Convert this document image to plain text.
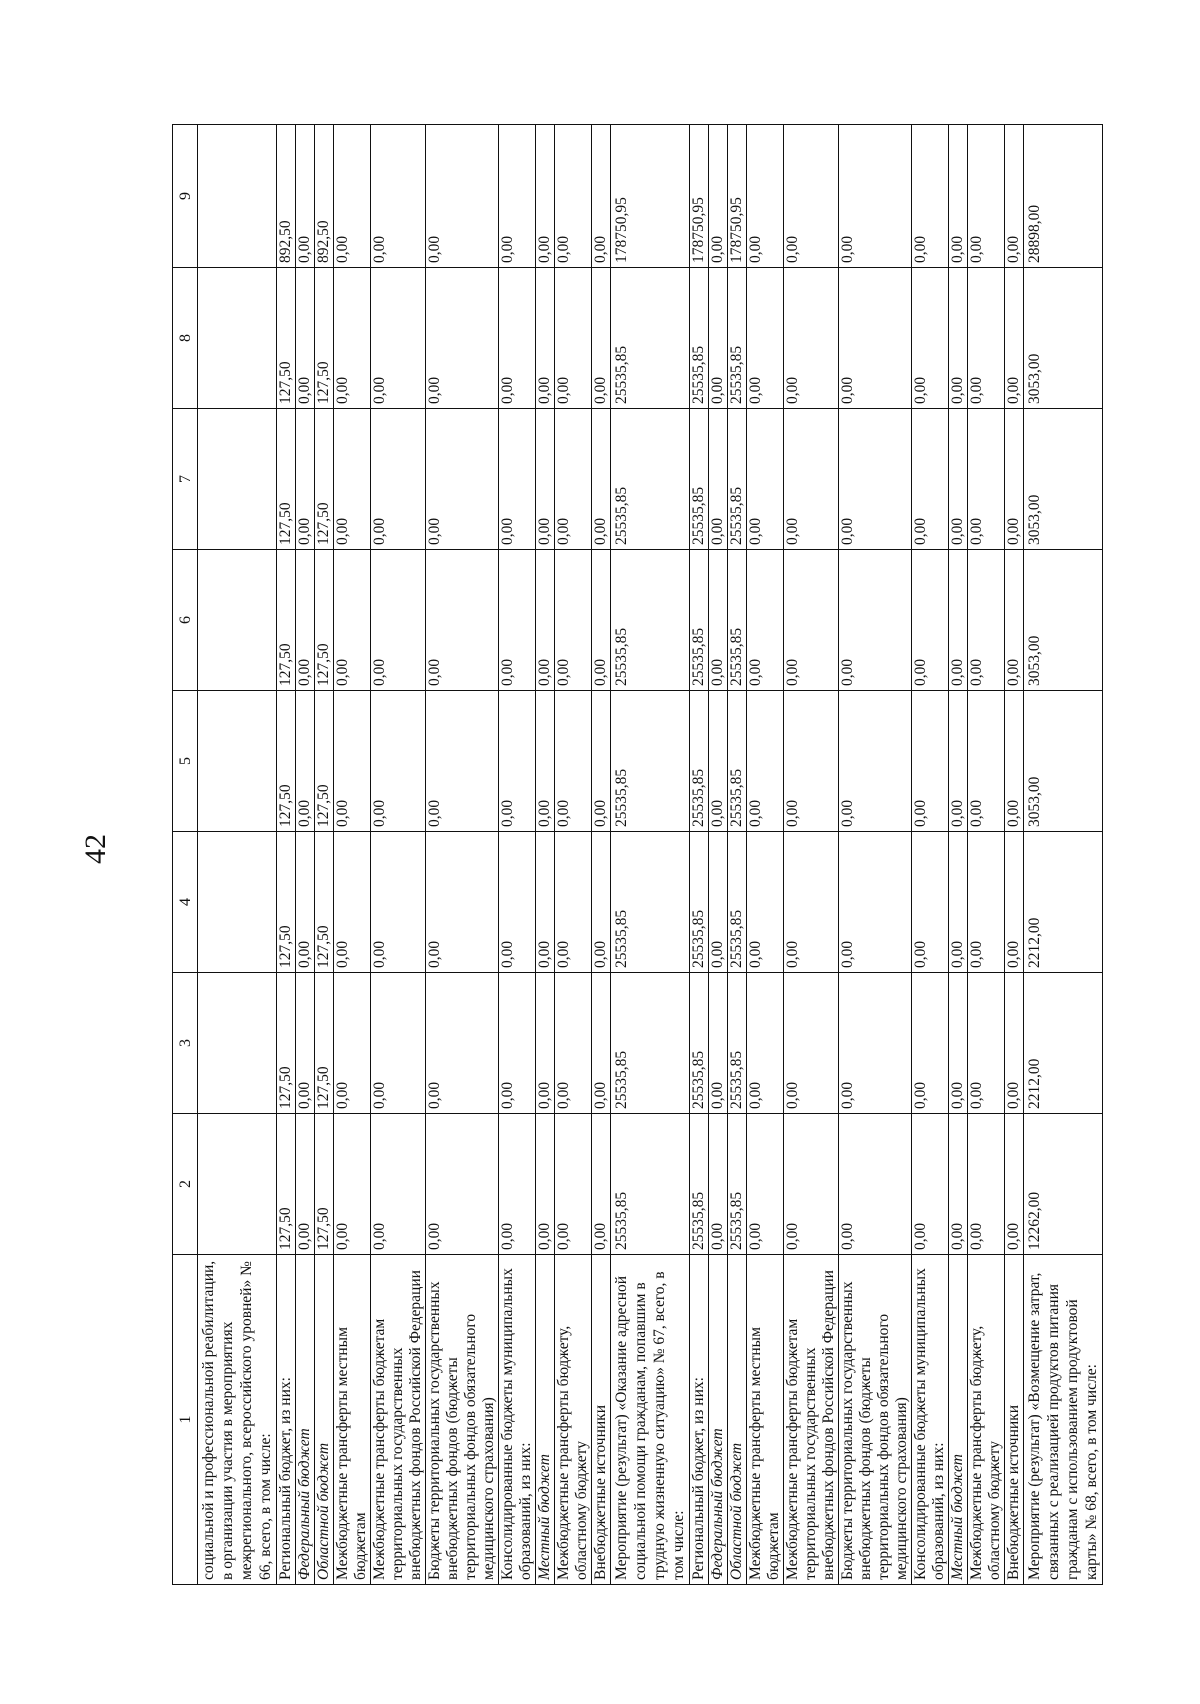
42
1	2	3	4	5	6	7	8	9
социальной и профессиональной реабилитации, в организации участия в мероприятиях межрегионального, всероссийского уровней» № 66, всего, в том числе:								
Региональный бюджет, из них:	127,50	127,50	127,50	127,50	127,50	127,50	127,50	892,50
Федеральный бюджет	0,00	0,00	0,00	0,00	0,00	0,00	0,00	0,00
Областной бюджет	127,50	127,50	127,50	127,50	127,50	127,50	127,50	892,50
Межбюджетные трансферты местным бюджетам	0,00	0,00	0,00	0,00	0,00	0,00	0,00	0,00
Межбюджетные трансферты бюджетам территориальных государственных внебюджетных фондов Российской Федерации	0,00	0,00	0,00	0,00	0,00	0,00	0,00	0,00
Бюджеты территориальных государственных внебюджетных фондов (бюджеты территориальных фондов обязательного медицинского страхования)	0,00	0,00	0,00	0,00	0,00	0,00	0,00	0,00
Консолидированные бюджеты муниципальных образований, из них:	0,00	0,00	0,00	0,00	0,00	0,00	0,00	0,00
Местный бюджет	0,00	0,00	0,00	0,00	0,00	0,00	0,00	0,00
Межбюджетные трансферты бюджету, областному бюджету	0,00	0,00	0,00	0,00	0,00	0,00	0,00	0,00
Внебюджетные источники	0,00	0,00	0,00	0,00	0,00	0,00	0,00	0,00
Мероприятие (результат) «Оказание адресной социальной помощи гражданам, попавшим в трудную жизненную ситуацию» № 67, всего, в том числе:	25535,85	25535,85	25535,85	25535,85	25535,85	25535,85	25535,85	178750,95
Региональный бюджет, из них:	25535,85	25535,85	25535,85	25535,85	25535,85	25535,85	25535,85	178750,95
Федеральный бюджет	0,00	0,00	0,00	0,00	0,00	0,00	0,00	0,00
Областной бюджет	25535,85	25535,85	25535,85	25535,85	25535,85	25535,85	25535,85	178750,95
Межбюджетные трансферты местным бюджетам	0,00	0,00	0,00	0,00	0,00	0,00	0,00	0,00
Межбюджетные трансферты бюджетам территориальных государственных внебюджетных фондов Российской Федерации	0,00	0,00	0,00	0,00	0,00	0,00	0,00	0,00
Бюджеты территориальных государственных внебюджетных фондов (бюджеты территориальных фондов обязательного медицинского страхования)	0,00	0,00	0,00	0,00	0,00	0,00	0,00	0,00
Консолидированные бюджеты муниципальных образований, из них:	0,00	0,00	0,00	0,00	0,00	0,00	0,00	0,00
Местный бюджет	0,00	0,00	0,00	0,00	0,00	0,00	0,00	0,00
Межбюджетные трансферты бюджету, областному бюджету	0,00	0,00	0,00	0,00	0,00	0,00	0,00	0,00
Внебюджетные источники	0,00	0,00	0,00	0,00	0,00	0,00	0,00	0,00
Мероприятие (результат) «Возмещение затрат, связанных с реализацией продуктов питания гражданам с использованием продуктовой карты» № 68, всего, в том числе:	12262,00	2212,00	2212,00	3053,00	3053,00	3053,00	3053,00	28898,00
